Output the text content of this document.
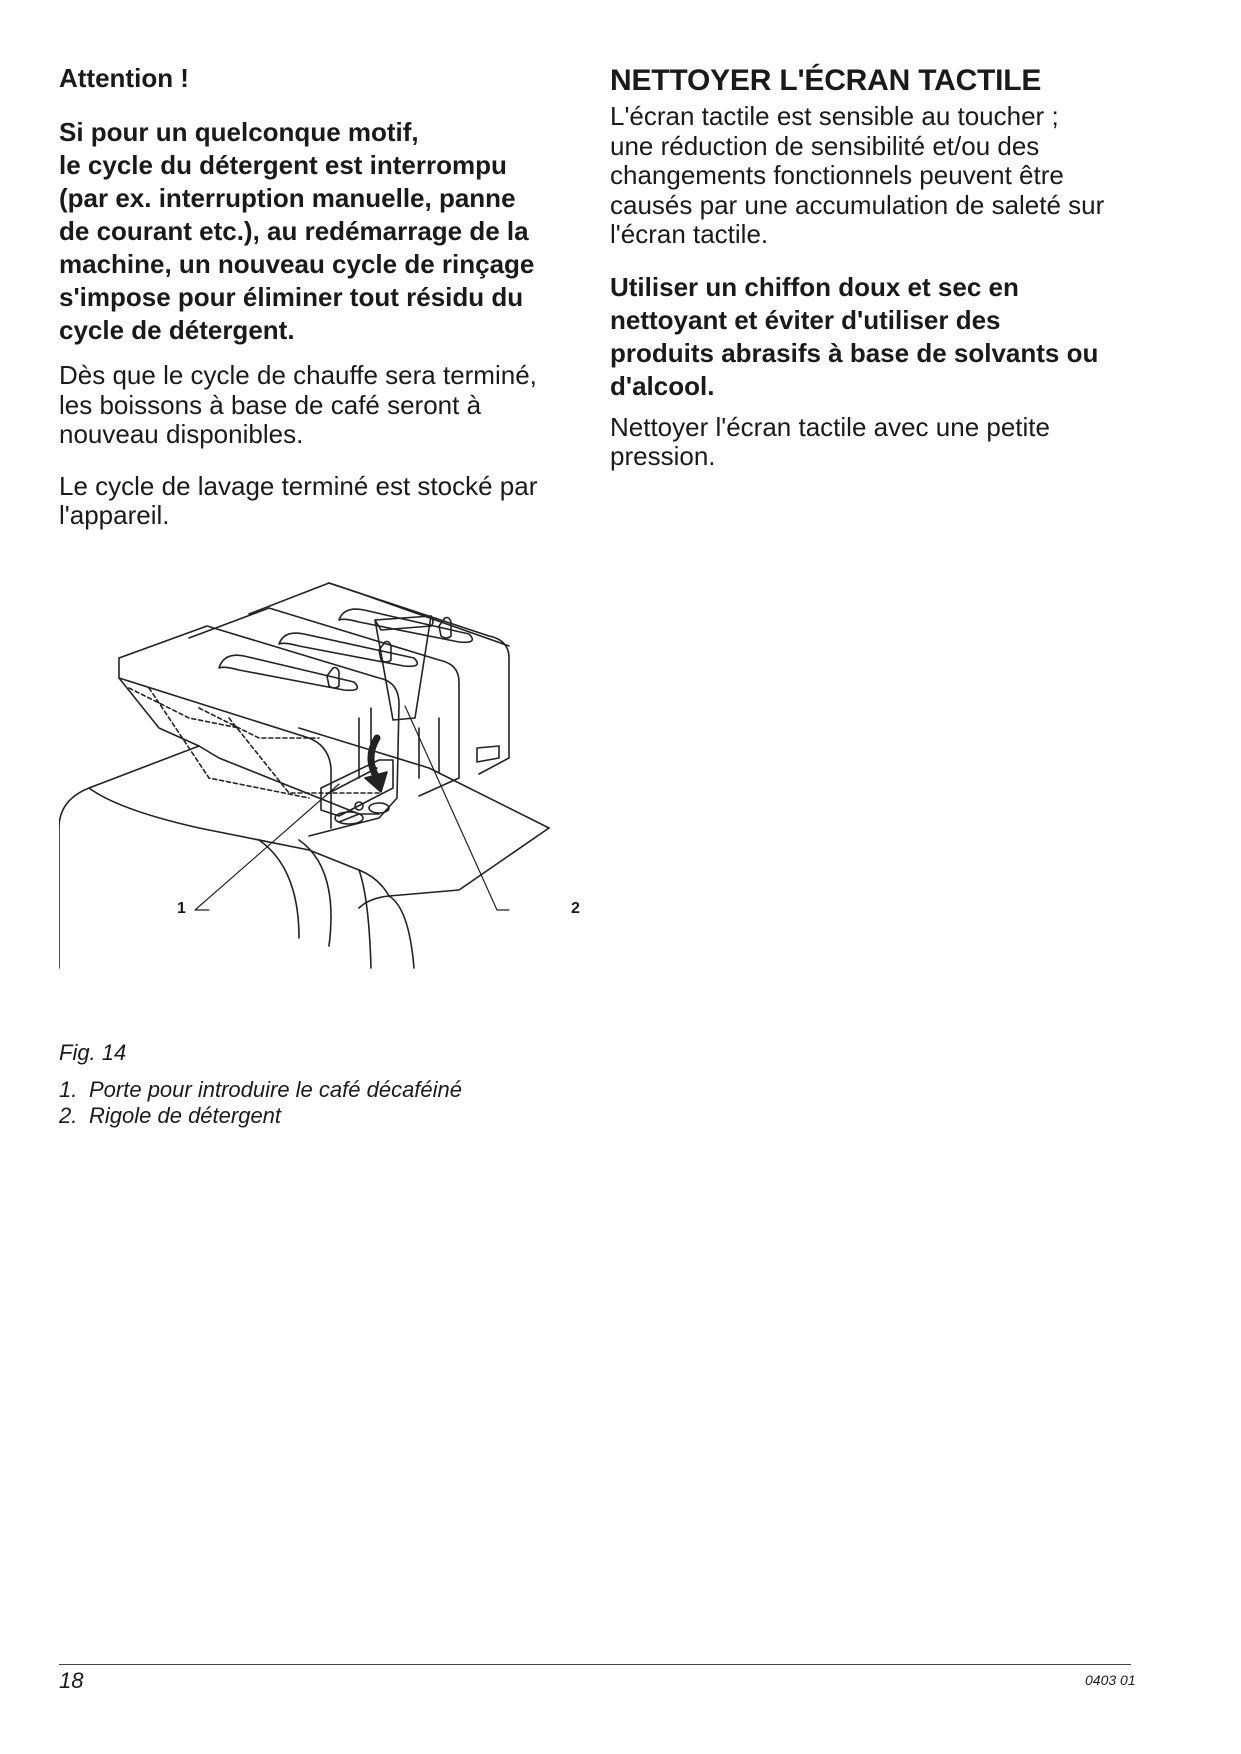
Attention !

Si pour un quelconque motif,
le cycle du détergent est interrompu
(par ex. interruption manuelle, panne
de courant etc.), au redémarrage de la
machine, un nouveau cycle de rinçage
s'impose pour éliminer tout résidu du
cycle de détergent.

Dès que le cycle de chauffe sera terminé,
les boissons à base de café seront à
nouveau disponibles.

Le cycle de lavage terminé est stocké par
l'appareil.

NETTOYER L'ÉCRAN TACTILE

L'écran tactile est sensible au toucher ;
une réduction de sensibilité et/ou des
changements fonctionnels peuvent être
causés par une accumulation de saleté sur
l'écran tactile.

Utiliser un chiffon doux et sec en
nettoyant et éviter d'utiliser des
produits abrasifs à base de solvants ou
d'alcool.

Nettoyer l'écran tactile avec une petite
pression.

1	2
Fig. 14
1. Porte pour introduire le café décaféiné
2. Rigole de détergent
18	0403 01
